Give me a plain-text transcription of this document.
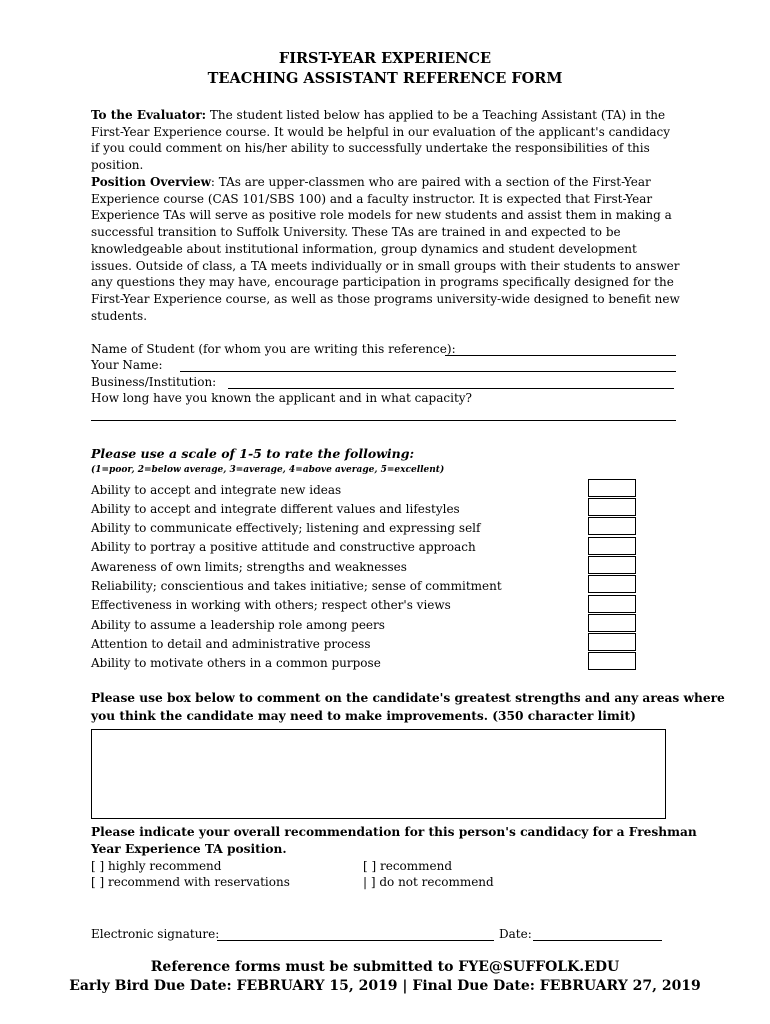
FIRST-YEAR EXPERIENCE
TEACHING ASSISTANT REFERENCE FORM
To the Evaluator: The student listed below has applied to be a Teaching Assistant (TA) in the First-Year Experience course. It would be helpful in our evaluation of the applicant's candidacy if you could comment on his/her ability to successfully undertake the responsibilities of this position.
Position Overview: TAs are upper-classmen who are paired with a section of the First-Year Experience course (CAS 101/SBS 100) and a faculty instructor. It is expected that First-Year Experience TAs will serve as positive role models for new students and assist them in making a successful transition to Suffolk University. These TAs are trained in and expected to be knowledgeable about institutional information, group dynamics and student development issues. Outside of class, a TA meets individually or in small groups with their students to answer any questions they may have, encourage participation in programs specifically designed for the First-Year Experience course, as well as those programs university-wide designed to benefit new students.
Name of Student (for whom you are writing this reference):
Your Name:
Business/Institution:
How long have you known the applicant and in what capacity?
Please use a scale of 1-5 to rate the following:
(1=poor, 2=below average, 3=average, 4=above average, 5=excellent)
Ability to accept and integrate new ideas
Ability to accept and integrate different values and lifestyles
Ability to communicate effectively; listening and expressing self
Ability to portray a positive attitude and constructive approach
Awareness of own limits; strengths and weaknesses
Reliability; conscientious and takes initiative; sense of commitment
Effectiveness in working with others; respect other's views
Ability to assume a leadership role among peers
Attention to detail and administrative process
Ability to motivate others in a common purpose
Please use box below to comment on the candidate's greatest strengths and any areas where
you think the candidate may need to make improvements. (350 character limit)
Please indicate your overall recommendation for this person's candidacy for a Freshman
Year Experience TA position.
[ ] highly recommend	[ ] recommend
[ ] recommend with reservations	| ] do not recommend
Electronic signature:	Date:
Reference forms must be submitted to FYE@SUFFOLK.EDU
Early Bird Due Date: FEBRUARY 15, 2019 | Final Due Date: FEBRUARY 27, 2019
